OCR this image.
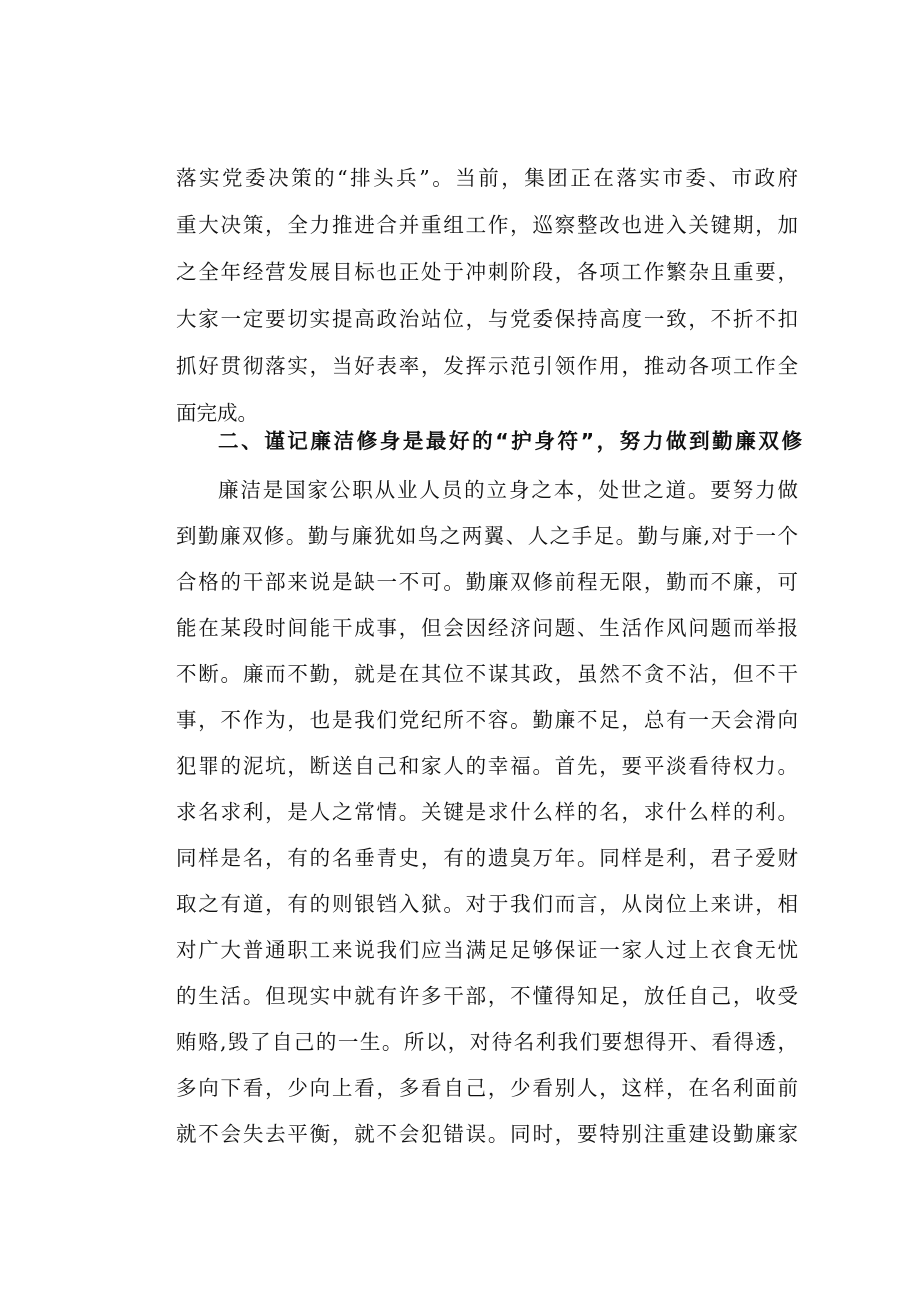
落实党委决策的“排头兵”。当前，集团正在落实市委、市政府

重大决策，全力推进合并重组工作，巡察整改也进入关键期，加

之全年经营发展目标也正处于冲刺阶段，各项工作繁杂且重要，

大家一定要切实提高政治站位，与党委保持高度一致，不折不扣

抓好贯彻落实，当好表率，发挥示范引领作用，推动各项工作全

面完成。

二、谨记廉洁修身是最好的“护身符”，努力做到勤廉双修

廉洁是国家公职从业人员的立身之本，处世之道。要努力做

到勤廉双修。勤与廉犹如鸟之两翼、人之手足。勤与廉,对于一个

合格的干部来说是缺一不可。勤廉双修前程无限，勤而不廉，可

能在某段时间能干成事，但会因经济问题、生活作风问题而举报

不断。廉而不勤，就是在其位不谋其政，虽然不贪不沾，但不干

事，不作为，也是我们党纪所不容。勤廉不足，总有一天会滑向

犯罪的泥坑，断送自己和家人的幸福。首先，要平淡看待权力。

求名求利，是人之常情。关键是求什么样的名，求什么样的利。

同样是名，有的名垂青史，有的遗臭万年。同样是利，君子爱财

取之有道，有的则银铛入狱。对于我们而言，从岗位上来讲，相

对广大普通职工来说我们应当满足足够保证一家人过上衣食无忧

的生活。但现实中就有许多干部，不懂得知足，放任自己，收受

贿赂,毁了自己的一生。所以，对待名利我们要想得开、看得透，

多向下看，少向上看，多看自己，少看别人，这样，在名利面前

就不会失去平衡，就不会犯错误。同时，要特别注重建设勤廉家
